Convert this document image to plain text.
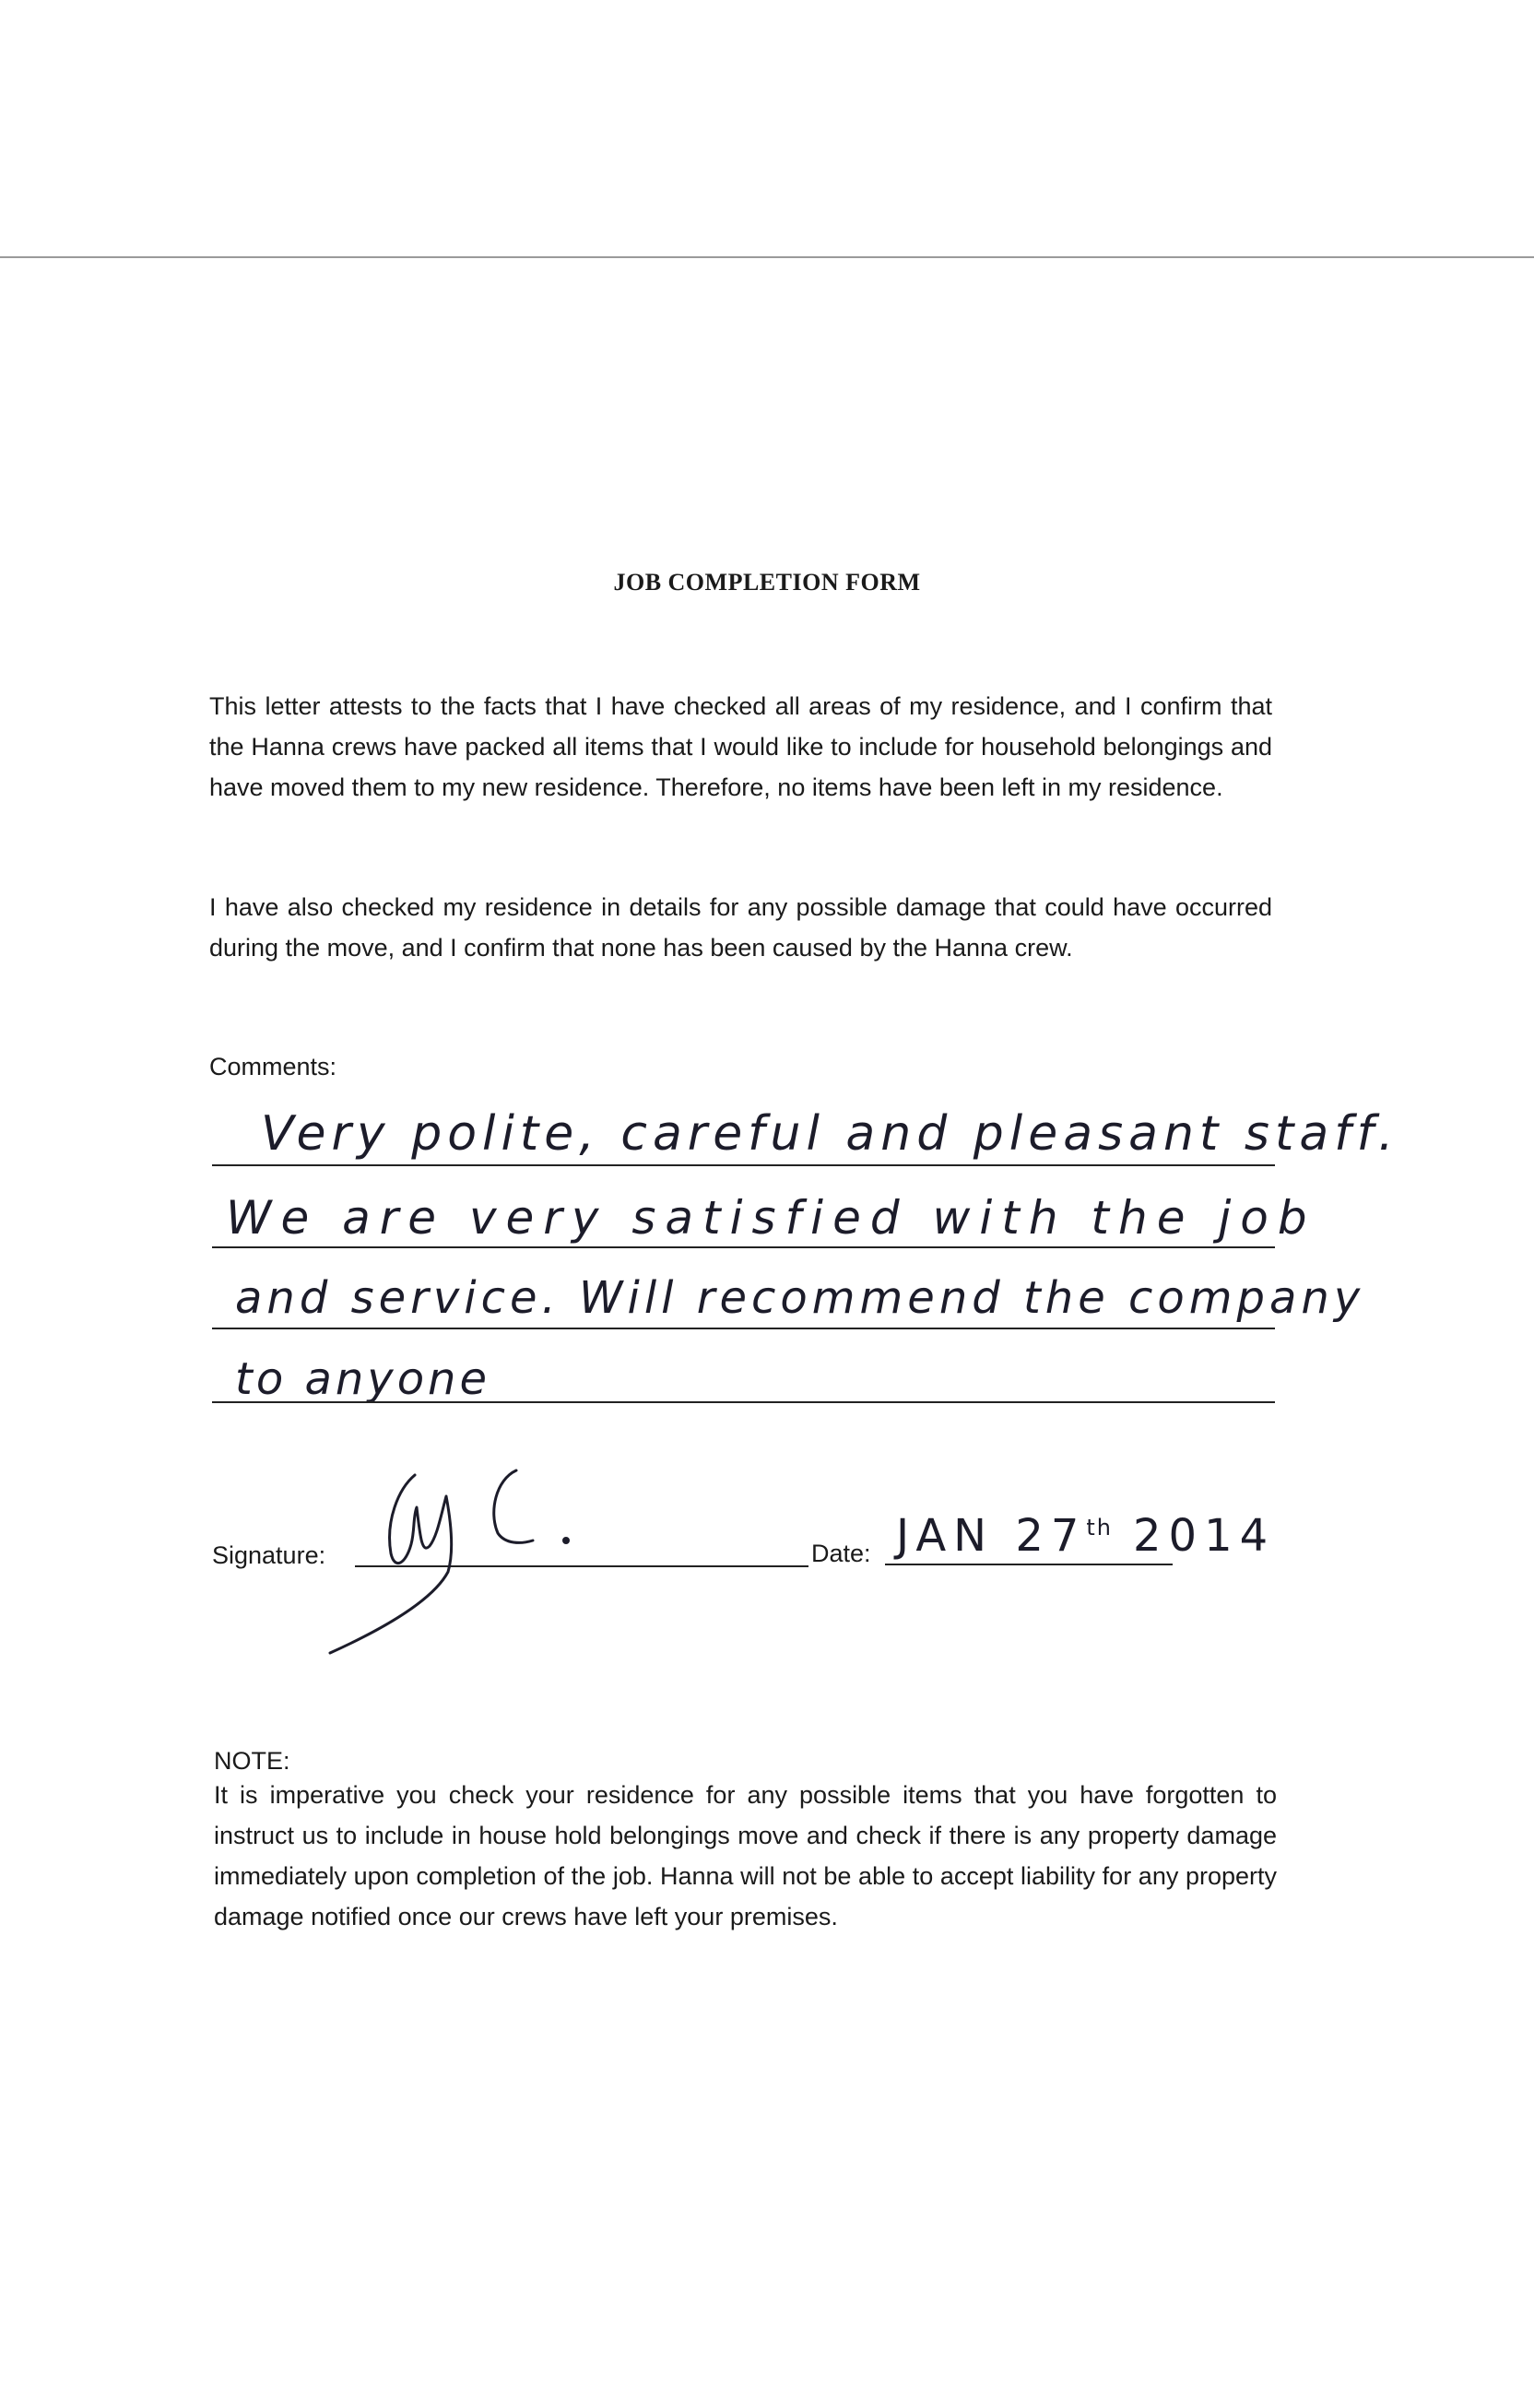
JOB COMPLETION FORM
This letter attests to the facts that I have checked all areas of my residence, and I confirm that the Hanna crews have packed all items that I would like to include for household belongings and have moved them to my new residence. Therefore, no items have been left in my residence.
I have also checked my residence in details for any possible damage that could have occurred during the move, and I confirm that none has been caused by the Hanna crew.
Comments:
Very polite, careful and pleasant staff.
We are very satisfied with the job
and service. Will recommend the company
to anyone
Signature:	Date: JAN 27th 2014
NOTE:
It is imperative you check your residence for any possible items that you have forgotten to instruct us to include in house hold belongings move and check if there is any property damage immediately upon completion of the job. Hanna will not be able to accept liability for any property damage notified once our crews have left your premises.
